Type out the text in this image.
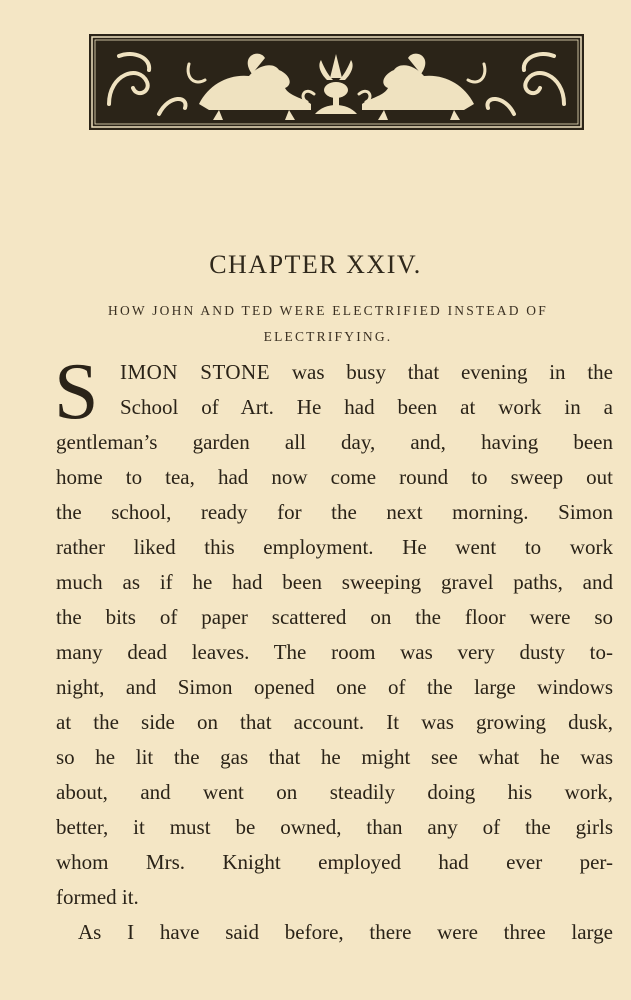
CHAPTER XXIV.
HOW JOHN AND TED WERE ELECTRIFIED INSTEAD OF
ELECTRIFYING.
S	IMON STONE was busy that evening in the
School of Art. He had been at work in a
gentleman’s garden all day, and, having been
home to tea, had now come round to sweep out
the school, ready for the next morning. Simon
rather liked this employment. He went to work
much as if he had been sweeping gravel paths, and
the bits of paper scattered on the floor were so
many dead leaves. The room was very dusty to-
night, and Simon opened one of the large windows
at the side on that account. It was growing dusk,
so he lit the gas that he might see what he was
about, and went on steadily doing his work,
better, it must be owned, than any of the girls
whom Mrs. Knight employed had ever per-
formed it.
As I have said before, there were three large
